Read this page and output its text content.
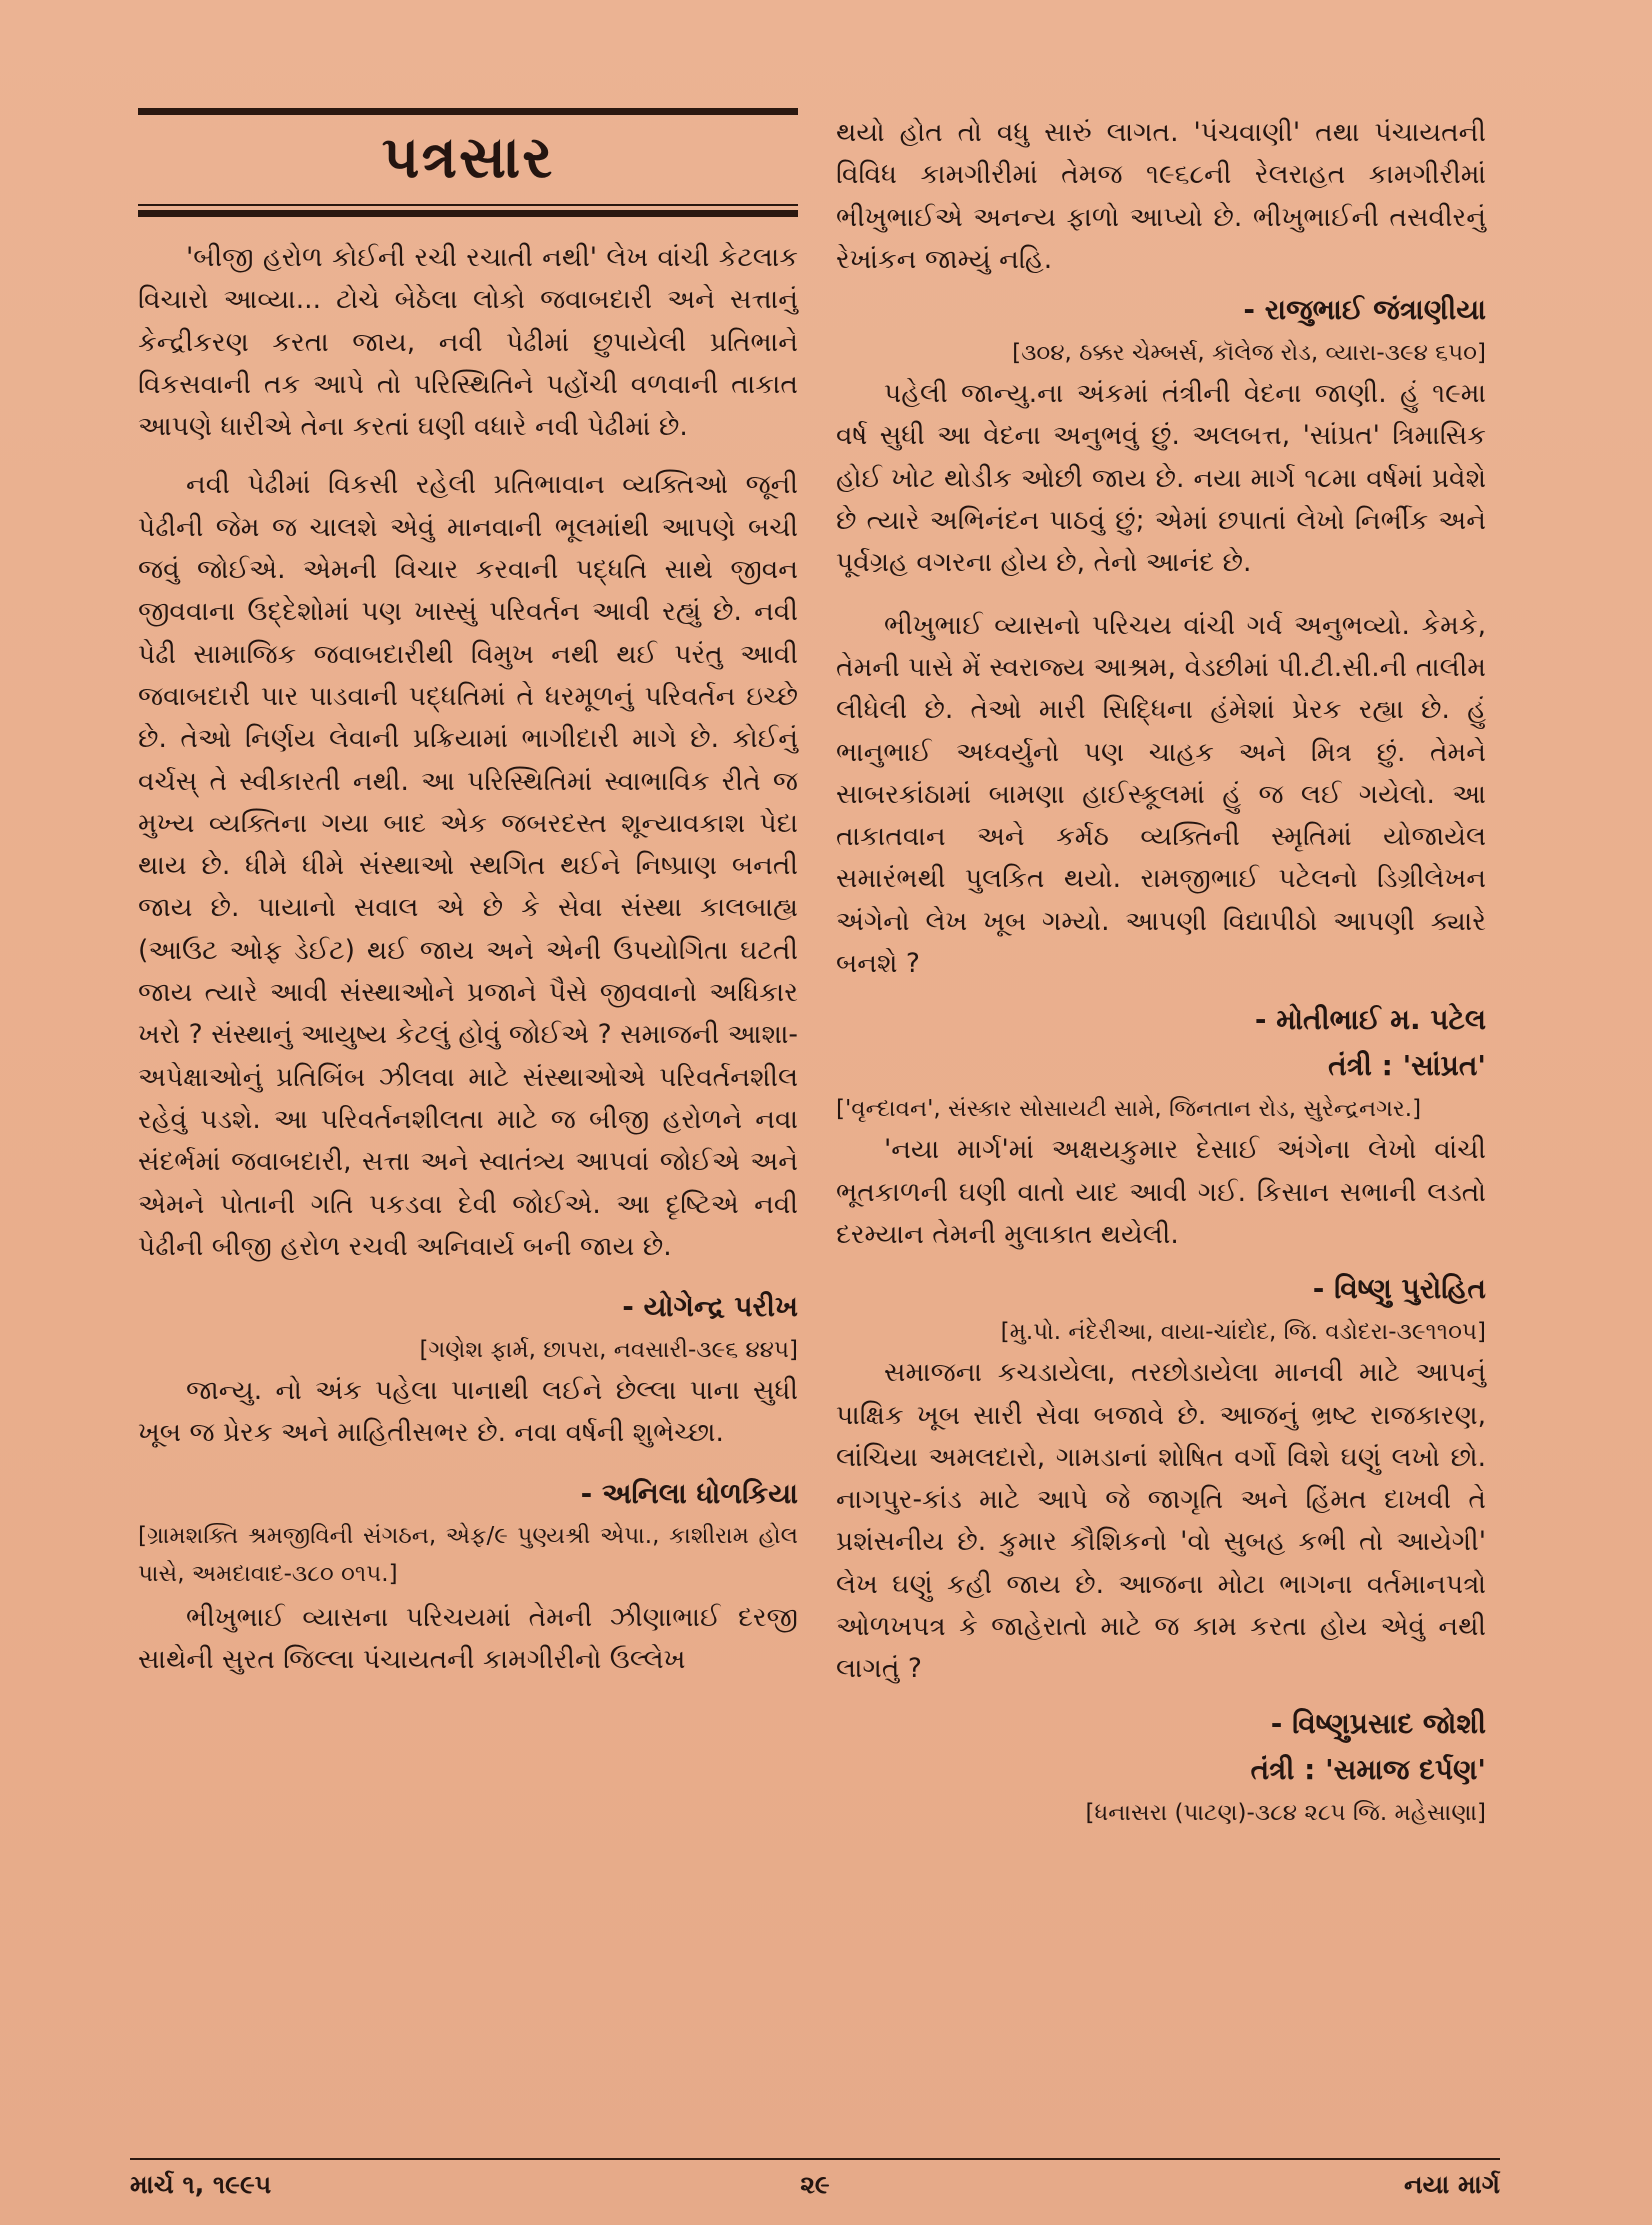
પત્રસાર

'બીજી હરોળ કોઈની રચી રચાતી નથી' લેખ વાંચી કેટલાક વિચારો આવ્યા... ટોચે બેઠેલા લોકો જવાબદારી અને સત્તાનું કેન્દ્રીકરણ કરતા જાય, નવી પેઢીમાં છુપાયેલી પ્રતિભાને વિકસવાની તક આપે તો પરિસ્થિતિને પહોંચી વળવાની તાકાત આપણે ધારીએ તેના કરતાં ઘણી વધારે નવી પેઢીમાં છે.

નવી પેઢીમાં વિકસી રહેલી પ્રતિભાવાન વ્યક્તિઓ જૂની પેઢીની જેમ જ ચાલશે એવું માનવાની ભૂલમાંથી આપણે બચી જવું જોઈએ. એમની વિચાર કરવાની પદ્ધતિ સાથે જીવન જીવવાના ઉદ્દેશોમાં પણ ખાસ્સું પરિવર્તન આવી રહ્યું છે. નવી પેઢી સામાજિક જવાબદારીથી વિમુખ નથી થઈ પરંતુ આવી જવાબદારી પાર પાડવાની પદ્ધતિમાં તે ધરમૂળનું પરિવર્તન ઇચ્છે છે. તેઓ નિર્ણય લેવાની પ્રક્રિયામાં ભાગીદારી માગે છે. કોઈનું વર્ચસ્ તે સ્વીકારતી નથી. આ પરિસ્થિતિમાં સ્વાભાવિક રીતે જ મુખ્ય વ્યક્તિના ગયા બાદ એક જબરદસ્ત શૂન્યાવકાશ પેદા થાય છે. ધીમે ધીમે સંસ્થાઓ સ્થગિત થઈને નિષ્પ્રાણ બનતી જાય છે. પાયાનો સવાલ એ છે કે સેવા સંસ્થા કાલબાહ્ય (આઉટ ઓફ ડેઈટ) થઈ જાય અને એની ઉપયોગિતા ઘટતી જાય ત્યારે આવી સંસ્થાઓને પ્રજાને પૈસે જીવવાનો અધિકાર ખરો ? સંસ્થાનું આયુષ્ય કેટલું હોવું જોઈએ ? સમાજની આશા-અપેક્ષાઓનું પ્રતિબિંબ ઝીલવા માટે સંસ્થાઓએ પરિવર્તનશીલ રહેવું પડશે. આ પરિવર્તનશીલતા માટે જ બીજી હરોળને નવા સંદર્ભમાં જવાબદારી, સત્તા અને સ્વાતંત્ર્ય આપવાં જોઈએ અને એમને પોતાની ગતિ પકડવા દેવી જોઈએ. આ દૃષ્ટિએ નવી પેઢીની બીજી હરોળ રચવી અનિવાર્ય બની જાય છે.

- યોગેન્દ્ર પરીખ
[ગણેશ ફાર્મ, છાપરા, નવસારી-૩૯૬ ૪૪૫]

જાન્યુ. નો અંક પહેલા પાનાથી લઈને છેલ્લા પાના સુધી ખૂબ જ પ્રેરક અને માહિતીસભર છે. નવા વર્ષની શુભેચ્છા.

- અનિલા ધોળકિયા
[ગ્રામશક્તિ શ્રમજીવિની સંગઠન, એફ/૯ પુણ્યશ્રી એપા., કાશીરામ હોલ પાસે, અમદાવાદ-૩૮૦ ૦૧૫.]

ભીખુભાઈ વ્યાસના પરિચયમાં તેમની ઝીણાભાઈ દરજી સાથેની સુરત જિલ્લા પંચાયતની કામગીરીનો ઉલ્લેખ

થયો હોત તો વધુ સારું લાગત. 'પંચવાણી' તથા પંચાયતની વિવિધ કામગીરીમાં તેમજ ૧૯૬૮ની રેલરાહત કામગીરીમાં ભીખુભાઈએ અનન્ય ફાળો આપ્યો છે. ભીખુભાઈની તસવીરનું રેખાંકન જામ્યું નહિ.

- રાજુભાઈ જંત્રાણીયા
[૩૦૪, ઠક્કર ચેમ્બર્સ, કૉલેજ રોડ, વ્યારા-૩૯૪ ૬૫૦]

પહેલી જાન્યુ.ના અંકમાં તંત્રીની વેદના જાણી. હું ૧૯મા વર્ષ સુધી આ વેદના અનુભવું છું. અલબત્ત, 'સાંપ્રત' ત્રિમાસિક હોઈ ખોટ થોડીક ઓછી જાય છે. નયા માર્ગ ૧૮મા વર્ષમાં પ્રવેશે છે ત્યારે અભિનંદન પાઠવું છું; એમાં છપાતાં લેખો નિર્ભીક અને પૂર્વગ્રહ વગરના હોય છે, તેનો આનંદ છે.

ભીખુભાઈ વ્યાસનો પરિચય વાંચી ગર્વ અનુભવ્યો. કેમકે, તેમની પાસે મેં સ્વરાજ્ય આશ્રમ, વેડછીમાં પી.ટી.સી.ની તાલીમ લીધેલી છે. તેઓ મારી સિદ્ધિના હંમેશાં પ્રેરક રહ્યા છે. હું ભાનુભાઈ અધ્વર્યુનો પણ ચાહક અને મિત્ર છું. તેમને સાબરકાંઠામાં બામણા હાઈસ્કૂલમાં હું જ લઈ ગયેલો. આ તાકાતવાન અને કર્મઠ વ્યક્તિની સ્મૃતિમાં યોજાયેલ સમારંભથી પુલકિત થયો. રામજીભાઈ પટેલનો ડિગ્રીલેખન અંગેનો લેખ ખૂબ ગમ્યો. આપણી વિદ્યાપીઠો આપણી ક્યારે બનશે ?

- મોતીભાઈ મ. પટેલ
તંત્રી : 'સાંપ્રત'
['વૃન્દાવન', સંસ્કાર સોસાયટી સામે, જિનતાન રોડ, સુરેન્દ્રનગર.]

'નયા માર્ગ'માં અક્ષયકુમાર દેસાઈ અંગેના લેખો વાંચી ભૂતકાળની ઘણી વાતો યાદ આવી ગઈ. કિસાન સભાની લડતો દરમ્યાન તેમની મુલાકાત થયેલી.

- વિષ્ણુ પુરોહિત
[મુ.પો. નંદેરીઆ, વાયા-ચાંદોદ, જિ. વડોદરા-૩૯૧૧૦૫]

સમાજના કચડાયેલા, તરછોડાયેલા માનવી માટે આપનું પાક્ષિક ખૂબ સારી સેવા બજાવે છે. આજનું ભ્રષ્ટ રાજકારણ, લાંચિયા અમલદારો, ગામડાનાં શોષિત વર્ગો વિશે ઘણું લખો છો. નાગપુર-કાંડ માટે આપે જે જાગૃતિ અને હિંમત દાખવી તે પ્રશંસનીય છે. કુમાર કૌશિકનો 'વો સુબહ કભી તો આયેગી' લેખ ઘણું કહી જાય છે. આજના મોટા ભાગના વર્તમાનપત્રો ઓળખપત્ર કે જાહેરાતો માટે જ કામ કરતા હોય એવું નથી લાગતું ?

- વિષ્ણુપ્રસાદ જોશી
તંત્રી : 'સમાજ દર્પણ'
[ધનાસરા (પાટણ)-૩૮૪ ૨૮૫ જિ. મહેસાણા]
માર્ચ ૧, ૧૯૯૫	૨૯	નયા માર્ગ
